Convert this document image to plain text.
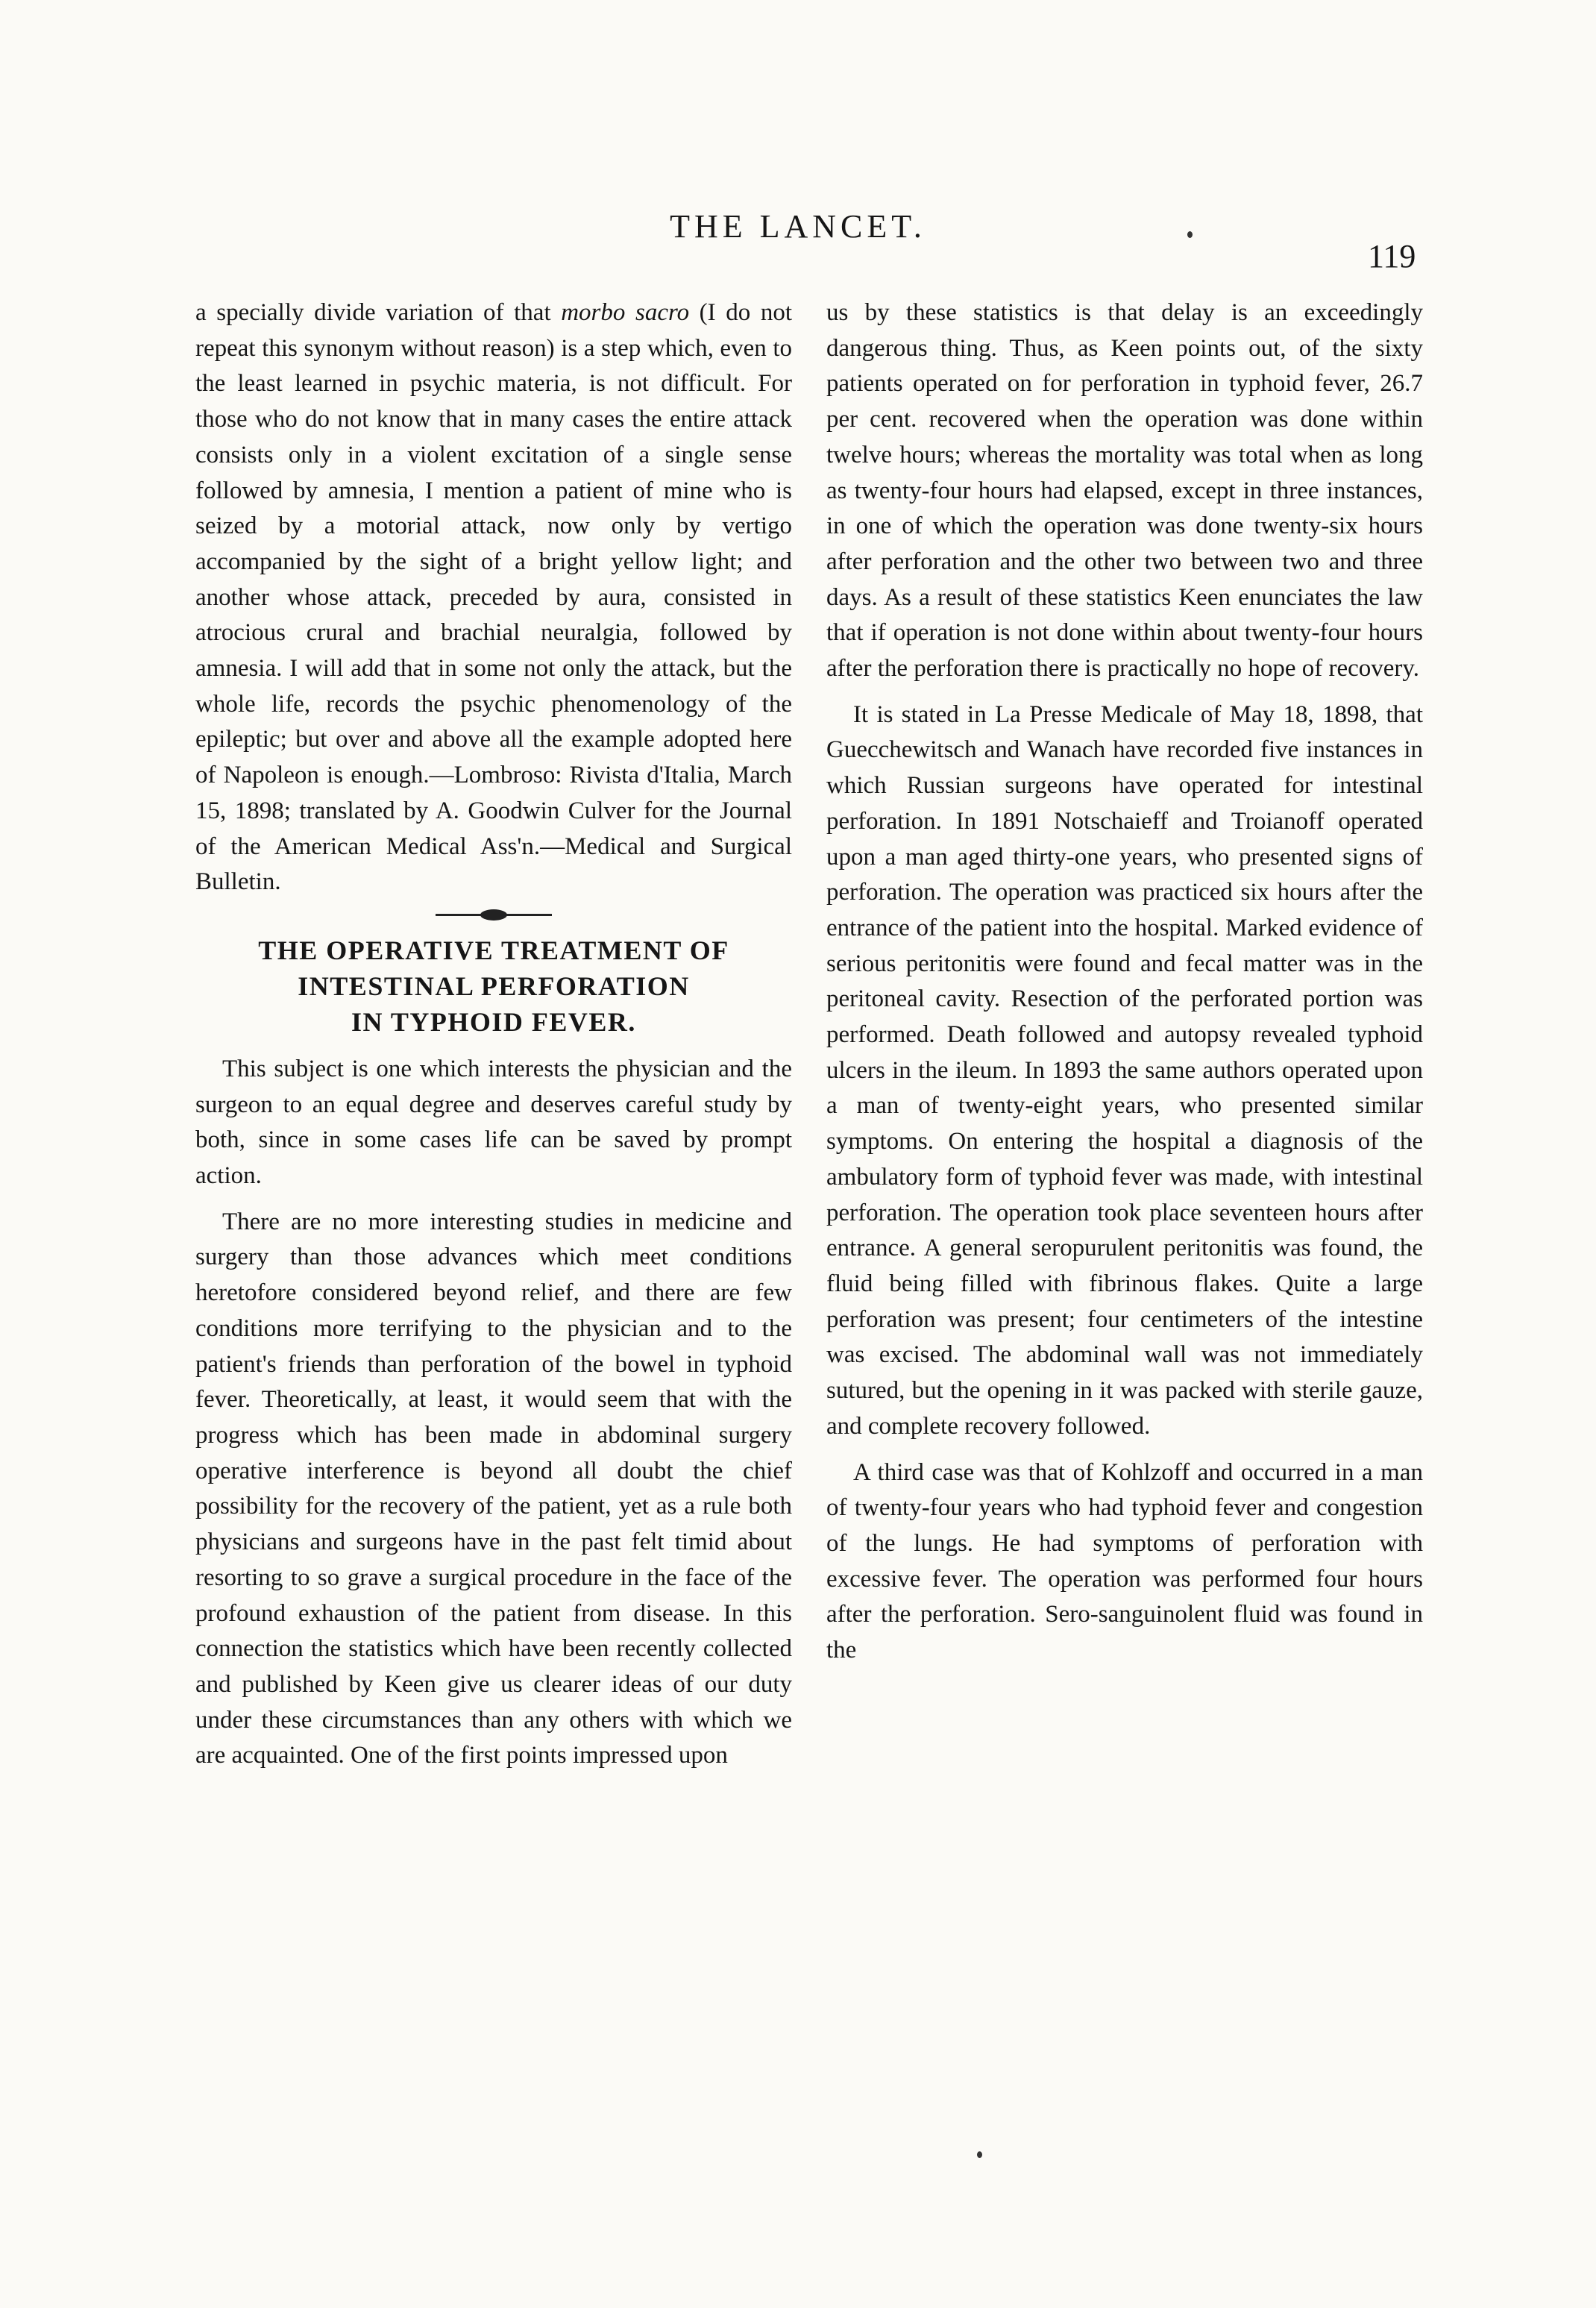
THE LANCET.
119

a specially divide variation of that morbo sacro (I do not repeat this synonym without reason) is a step which, even to the least learned in psychic materia, is not difficult. For those who do not know that in many cases the entire attack consists only in a violent excitation of a single sense followed by amnesia, I mention a patient of mine who is seized by a motorial attack, now only by vertigo accompanied by the sight of a bright yellow light; and another whose attack, preceded by aura, consisted in atrocious crural and brachial neuralgia, followed by amnesia. I will add that in some not only the attack, but the whole life, records the psychic phenomenology of the epileptic; but over and above all the example adopted here of Napoleon is enough.—Lombroso: Rivista d'Italia, March 15, 1898; translated by A. Goodwin Culver for the Journal of the American Medical Ass'n.—Medical and Surgical Bulletin.

THE OPERATIVE TREATMENT OF
INTESTINAL PERFORATION
IN TYPHOID FEVER.

This subject is one which interests the physician and the surgeon to an equal degree and deserves careful study by both, since in some cases life can be saved by prompt action.

There are no more interesting studies in medicine and surgery than those advances which meet conditions heretofore considered beyond relief, and there are few conditions more terrifying to the physician and to the patient's friends than perforation of the bowel in typhoid fever. Theoretically, at least, it would seem that with the progress which has been made in abdominal surgery operative interference is beyond all doubt the chief possibility for the recovery of the patient, yet as a rule both physicians and surgeons have in the past felt timid about resorting to so grave a surgical procedure in the face of the profound exhaustion of the patient from disease. In this connection the statistics which have been recently collected and published by Keen give us clearer ideas of our duty under these circumstances than any others with which we are acquainted. One of the first points impressed upon

us by these statistics is that delay is an exceedingly dangerous thing. Thus, as Keen points out, of the sixty patients operated on for perforation in typhoid fever, 26.7 per cent. recovered when the operation was done within twelve hours; whereas the mortality was total when as long as twenty-four hours had elapsed, except in three instances, in one of which the operation was done twenty-six hours after perforation and the other two between two and three days. As a result of these statistics Keen enunciates the law that if operation is not done within about twenty-four hours after the perforation there is practically no hope of recovery.

It is stated in La Presse Medicale of May 18, 1898, that Guecchewitsch and Wanach have recorded five instances in which Russian surgeons have operated for intestinal perforation. In 1891 Notschaieff and Troianoff operated upon a man aged thirty-one years, who presented signs of perforation. The operation was practiced six hours after the entrance of the patient into the hospital. Marked evidence of serious peritonitis were found and fecal matter was in the peritoneal cavity. Resection of the perforated portion was performed. Death followed and autopsy revealed typhoid ulcers in the ileum. In 1893 the same authors operated upon a man of twenty-eight years, who presented similar symptoms. On entering the hospital a diagnosis of the ambulatory form of typhoid fever was made, with intestinal perforation. The operation took place seventeen hours after entrance. A general seropurulent peritonitis was found, the fluid being filled with fibrinous flakes. Quite a large perforation was present; four centimeters of the intestine was excised. The abdominal wall was not immediately sutured, but the opening in it was packed with sterile gauze, and complete recovery followed.

A third case was that of Kohlzoff and occurred in a man of twenty-four years who had typhoid fever and congestion of the lungs. He had symptoms of perforation with excessive fever. The operation was performed four hours after the perforation. Sero-sanguinolent fluid was found in the
